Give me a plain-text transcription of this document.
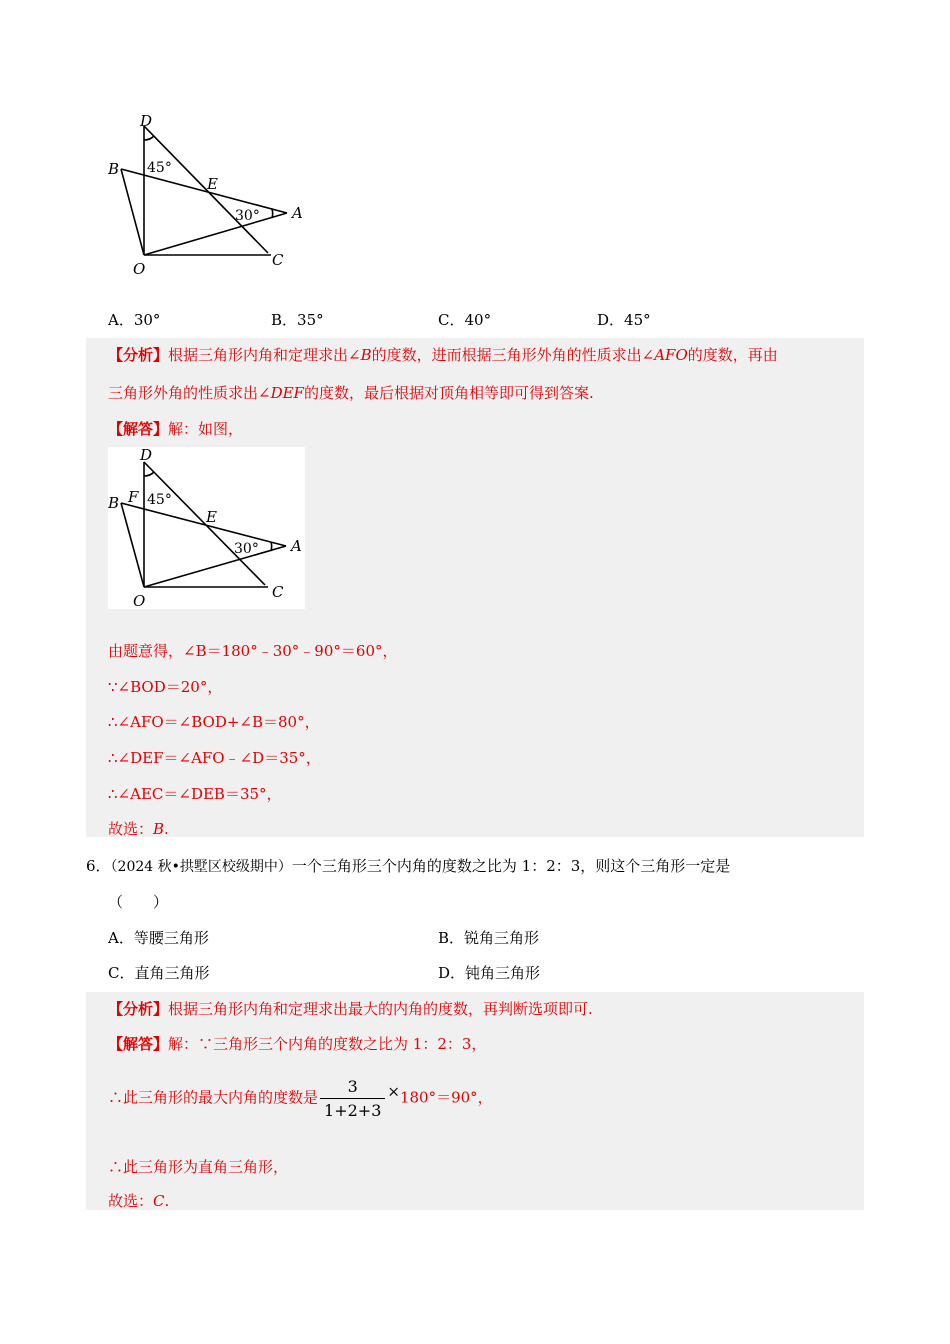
D
B
E
A
O	C
45°
30°
A．30°	B．35°	C．40°	D．45°
【分析】根据三角形内角和定理求出∠B的度数，进而根据三角形外角的性质求出∠AFO的度数，再由
三角形外角的性质求出∠DEF的度数，最后根据对顶角相等即可得到答案.
【解答】解：如图，
D
B F
E
A
O	C
45°
30°
由题意得，∠B＝180°﹣30°﹣90°＝60°，
∵∠BOD＝20°，
∴∠AFO＝∠BOD+∠B＝80°，
∴∠DEF＝∠AFO﹣∠D＝35°，
∴∠AEC＝∠DEB＝35°，
故选：B.
6．（2024 秋•拱墅区校级期中）一个三角形三个内角的度数之比为 1：2：3，则这个三角形一定是
（　　）
A．等腰三角形	B．锐角三角形
C．直角三角形	D．钝角三角形
【分析】根据三角形内角和定理求出最大的内角的度数，再判断选项即可.
【解答】解：∵三角形三个内角的度数之比为 1：2：3，
∴此三角形的最大内角的度数是 $\frac{3}{1+2+3} \times 180^\circ=90^\circ$，
∴此三角形为直角三角形，
故选：C.
